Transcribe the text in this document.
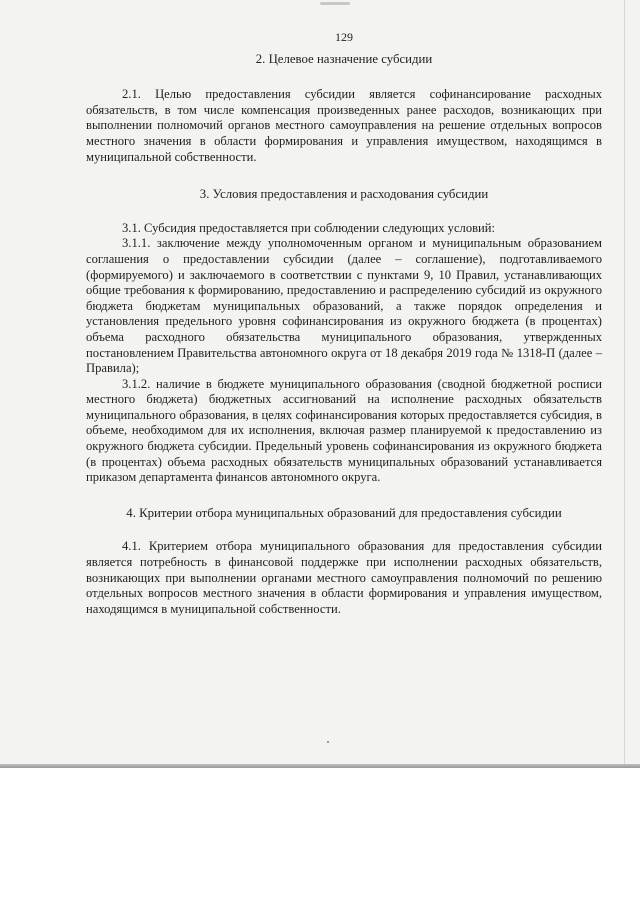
129
2. Целевое назначение субсидии

2.1. Целью предоставления субсидии является софинансирование расходных обязательств, в том числе компенсация произведенных ранее расходов, возникающих при выполнении полномочий органов местного самоуправления на решение отдельных вопросов местного значения в области формирования и управления имуществом, находящимся в муниципальной собственности.

3. Условия предоставления и расходования субсидии

3.1. Субсидия предоставляется при соблюдении следующих условий:

3.1.1. заключение между уполномоченным органом и муниципальным образованием соглашения о предоставлении субсидии (далее – соглашение), подготавливаемого (формируемого) и заключаемого в соответствии с пунктами 9, 10 Правил, устанавливающих общие требования к формированию, предоставлению и распределению субсидий из окружного бюджета бюджетам муниципальных образований, а также порядок определения и установления предельного уровня софинансирования из окружного бюджета (в процентах) объема расходного обязательства муниципального образования, утвержденных постановлением Правительства автономного округа от 18 декабря 2019 года № 1318-П (далее – Правила);

3.1.2. наличие в бюджете муниципального образования (сводной бюджетной росписи местного бюджета) бюджетных ассигнований на исполнение расходных обязательств муниципального образования, в целях софинансирования которых предоставляется субсидия, в объеме, необходимом для их исполнения, включая размер планируемой к предоставлению из окружного бюджета субсидии. Предельный уровень софинансирования из окружного бюджета (в процентах) объема расходных обязательств муниципальных образований устанавливается приказом департамента финансов автономного округа.

4. Критерии отбора муниципальных образований для предоставления субсидии

4.1. Критерием отбора муниципального образования для предоставления субсидии является потребность в финансовой поддержке при исполнении расходных обязательств, возникающих при выполнении органами местного самоуправления полномочий по решению отдельных вопросов местного значения в области формирования и управления имуществом, находящимся в муниципальной собственности.
